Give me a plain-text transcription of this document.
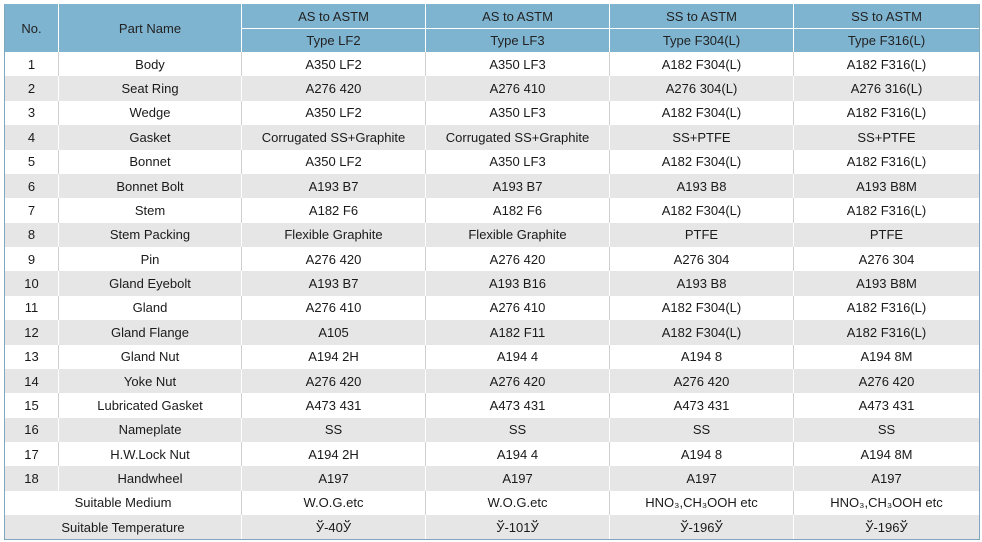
No.	Part Name	AS to ASTM	AS to ASTM	SS to ASTM	SS to ASTM
		Type LF2	Type LF3	Type F304(L)	Type F316(L)
1	Body	A350 LF2	A350 LF3	A182 F304(L)	A182 F316(L)
2	Seat Ring	A276 420	A276 410	A276 304(L)	A276 316(L)
3	Wedge	A350 LF2	A350 LF3	A182 F304(L)	A182 F316(L)
4	Gasket	Corrugated SS+Graphite	Corrugated SS+Graphite	SS+PTFE	SS+PTFE
5	Bonnet	A350 LF2	A350 LF3	A182 F304(L)	A182 F316(L)
6	Bonnet Bolt	A193 B7	A193 B7	A193 B8	A193 B8M
7	Stem	A182 F6	A182 F6	A182 F304(L)	A182 F316(L)
8	Stem Packing	Flexible Graphite	Flexible Graphite	PTFE	PTFE
9	Pin	A276 420	A276 420	A276 304	A276 304
10	Gland Eyebolt	A193 B7	A193 B16	A193 B8	A193 B8M
11	Gland	A276 410	A276 410	A182 F304(L)	A182 F316(L)
12	Gland Flange	A105	A182 F11	A182 F304(L)	A182 F316(L)
13	Gland Nut	A194 2H	A194 4	A194 8	A194 8M
14	Yoke Nut	A276 420	A276 420	A276 420	A276 420
15	Lubricated Gasket	A473 431	A473 431	A473 431	A473 431
16	Nameplate	SS	SS	SS	SS
17	H.W.Lock Nut	A194 2H	A194 4	A194 8	A194 8M
18	Handwheel	A197	A197	A197	A197
Suitable Medium		W.O.G.etc	W.O.G.etc	HNO₃,CH₃OOH etc	HNO₃,CH₃OOH etc
Suitable Temperature		Ў-40Ў	Ў-101Ў	Ў-196Ў	Ў-196Ў
